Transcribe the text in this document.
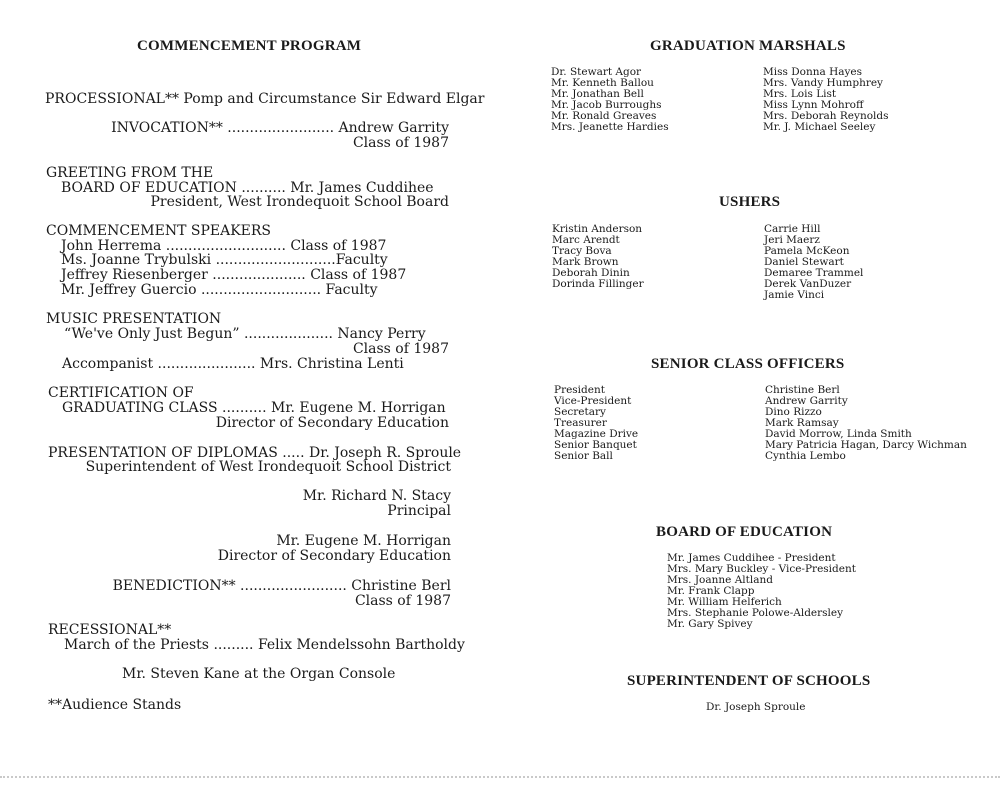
COMMENCEMENT PROGRAM
PROCESSIONAL** Pomp and Circumstance Sir Edward Elgar
INVOCATION** ........................ Andrew Garrity
Class of 1987
GREETING FROM THE
BOARD OF EDUCATION .......... Mr. James Cuddihee
President, West Irondequoit School Board
COMMENCEMENT SPEAKERS
John Herrema ........................... Class of 1987
Ms. Joanne Trybulski ...........................Faculty
Jeffrey Riesenberger ..................... Class of 1987
Mr. Jeffrey Guercio ........................... Faculty
MUSIC PRESENTATION
“We've Only Just Begun” .................... Nancy Perry
Class of 1987
Accompanist ...................... Mrs. Christina Lenti
CERTIFICATION OF
GRADUATING CLASS .......... Mr. Eugene M. Horrigan
Director of Secondary Education
PRESENTATION OF DIPLOMAS ..... Dr. Joseph R. Sproule
Superintendent of West Irondequoit School District
Mr. Richard N. Stacy
Principal
Mr. Eugene M. Horrigan
Director of Secondary Education
BENEDICTION** ........................ Christine Berl
Class of 1987
RECESSIONAL**
March of the Priests ......... Felix Mendelssohn Bartholdy
Mr. Steven Kane at the Organ Console
**Audience Stands
GRADUATION MARSHALS
Dr. Stewart Agor
Mr. Kenneth Ballou
Mr. Jonathan Bell
Mr. Jacob Burroughs
Mr. Ronald Greaves
Mrs. Jeanette Hardies
Miss Donna Hayes
Mrs. Vandy Humphrey
Mrs. Lois List
Miss Lynn Mohroff
Mrs. Deborah Reynolds
Mr. J. Michael Seeley
USHERS
Kristin Anderson
Marc Arendt
Tracy Bova
Mark Brown
Deborah Dinin
Dorinda Fillinger
Carrie Hill
Jeri Maerz
Pamela McKeon
Daniel Stewart
Demaree Trammel
Derek VanDuzer
Jamie Vinci
SENIOR CLASS OFFICERS
President
Vice-President
Secretary
Treasurer
Magazine Drive
Senior Banquet
Senior Ball
Christine Berl
Andrew Garrity
Dino Rizzo
Mark Ramsay
David Morrow, Linda Smith
Mary Patricia Hagan, Darcy Wichman
Cynthia Lembo
BOARD OF EDUCATION
Mr. James Cuddihee - President
Mrs. Mary Buckley - Vice-President
Mrs. Joanne Altland
Mr. Frank Clapp
Mr. William Helferich
Mrs. Stephanie Polowe-Aldersley
Mr. Gary Spivey
SUPERINTENDENT OF SCHOOLS
Dr. Joseph Sproule
